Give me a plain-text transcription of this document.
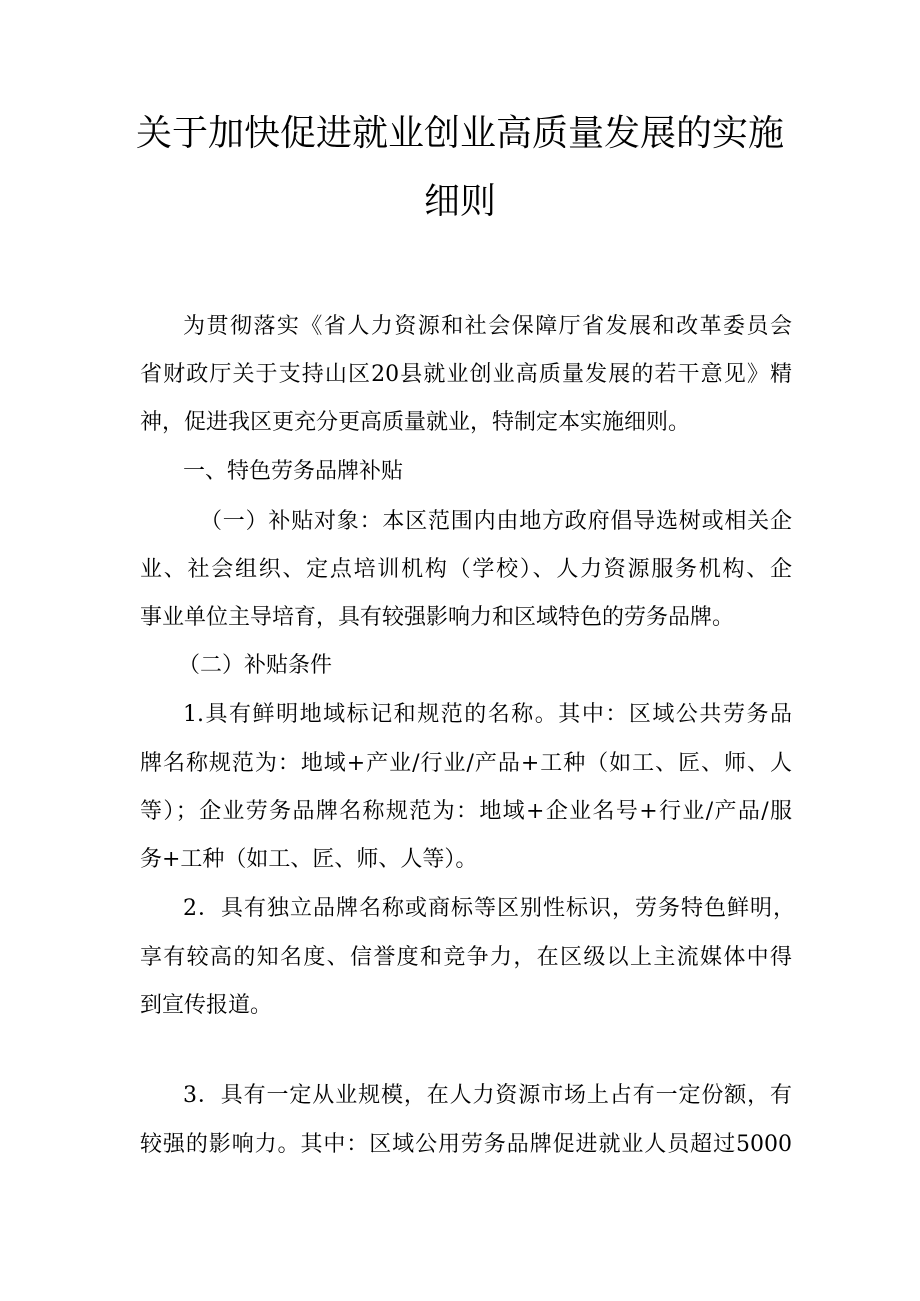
关于加快促进就业创业高质量发展的实施
细则
为贯彻落实《省人力资源和社会保障厅省发展和改革委员会
省财政厅关于支持山区20县就业创业高质量发展的若干意见》精
神，促进我区更充分更高质量就业，特制定本实施细则。
一、特色劳务品牌补贴
（一）补贴对象：本区范围内由地方政府倡导选树或相关企
业、社会组织、定点培训机构（学校）、人力资源服务机构、企
事业单位主导培育，具有较强影响力和区域特色的劳务品牌。
（二）补贴条件
1.具有鲜明地域标记和规范的名称。其中：区域公共劳务品
牌名称规范为：地域+产业/行业/产品+工种（如工、匠、师、人
等）；企业劳务品牌名称规范为：地域+企业名号+行业/产品/服
务+工种（如工、匠、师、人等）。
2．具有独立品牌名称或商标等区别性标识，劳务特色鲜明，
享有较高的知名度、信誉度和竞争力，在区级以上主流媒体中得
到宣传报道。
3．具有一定从业规模，在人力资源市场上占有一定份额，有
较强的影响力。其中：区域公用劳务品牌促进就业人员超过5000
